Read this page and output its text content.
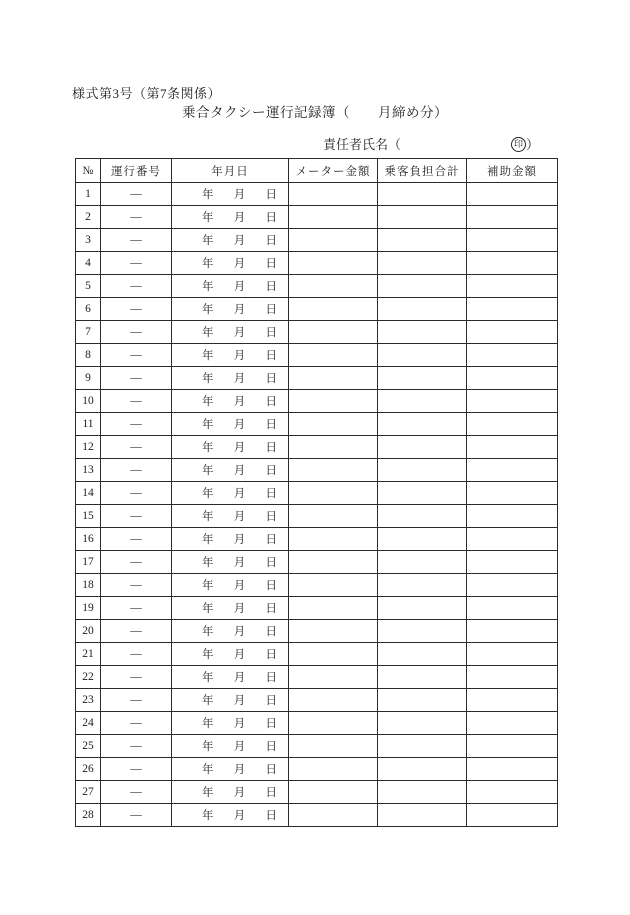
様式第3号（第7条関係）
乗合タクシー運行記録簿（　　月締め分）
責任者氏名（	印 ）
№	運行番号	年月日	メーター金額	乗客負担合計	補助金額
1	―	年 月 日			

2	―	年 月 日			

3	―	年 月 日			

4	―	年 月 日			

5	―	年 月 日			

6	―	年 月 日			

7	―	年 月 日			

8	―	年 月 日			

9	―	年 月 日			

10	―	年 月 日			

11	―	年 月 日			

12	―	年 月 日			

13	―	年 月 日			

14	―	年 月 日			

15	―	年 月 日			

16	―	年 月 日			

17	―	年 月 日			

18	―	年 月 日			

19	―	年 月 日			

20	―	年 月 日			

21	―	年 月 日			

22	―	年 月 日			

23	―	年 月 日			

24	―	年 月 日			

25	―	年 月 日			

26	―	年 月 日			

27	―	年 月 日			

28	―	年 月 日			
